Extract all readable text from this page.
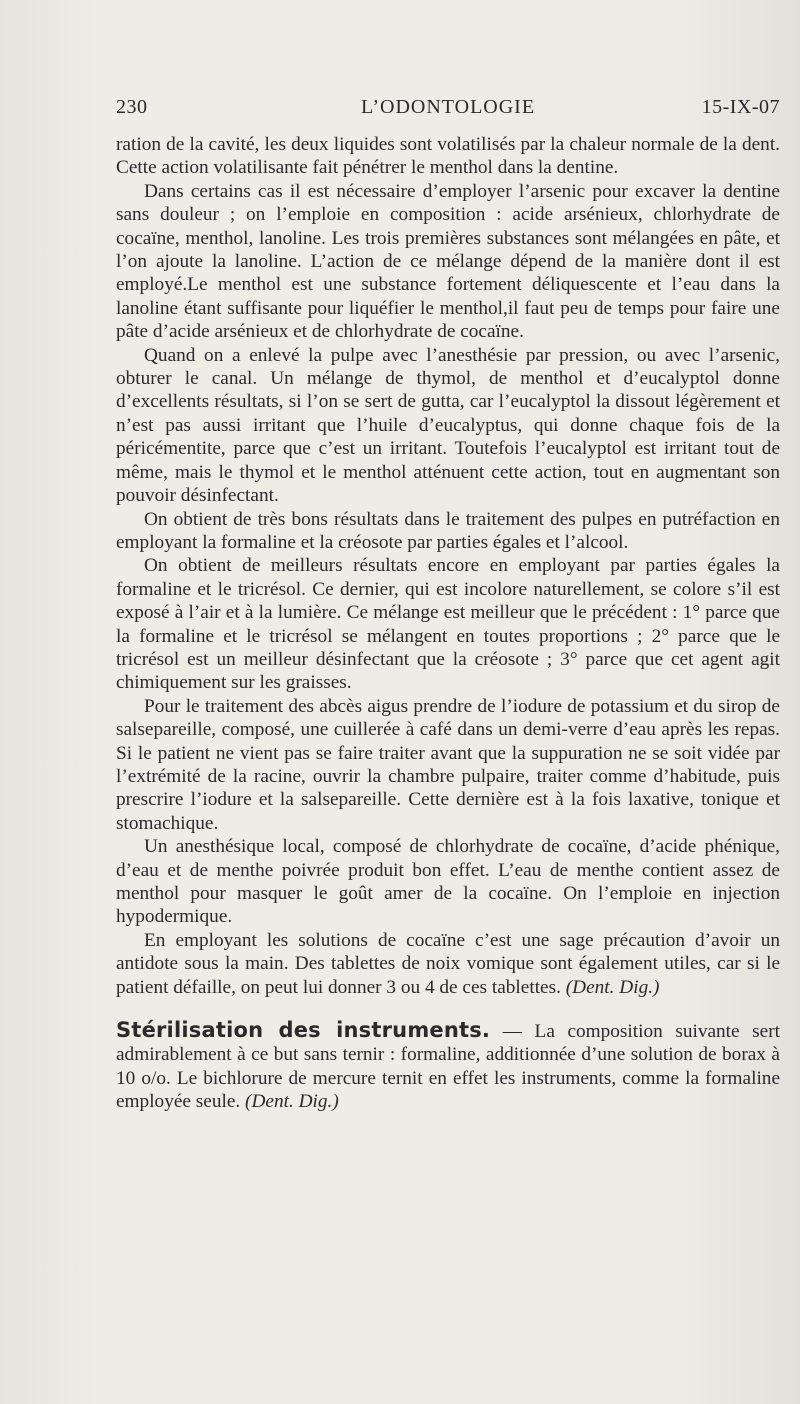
230	L’ODONTOLOGIE	15-IX-07

ration de la cavité, les deux liquides sont volatilisés par la chaleur normale de la dent. Cette action volatilisante fait pénétrer le menthol dans la dentine.

Dans certains cas il est nécessaire d’employer l’arsenic pour excaver la dentine sans douleur ; on l’emploie en composition : acide arsénieux, chlorhydrate de cocaïne, menthol, lanoline. Les trois premières substances sont mélangées en pâte, et l’on ajoute la lanoline. L’action de ce mélange dépend de la manière dont il est employé.Le menthol est une substance fortement déliquescente et l’eau dans la lanoline étant suffisante pour liquéfier le menthol,il faut peu de temps pour faire une pâte d’acide arsénieux et de chlorhydrate de cocaïne.

Quand on a enlevé la pulpe avec l’anesthésie par pression, ou avec l’arsenic, obturer le canal. Un mélange de thymol, de menthol et d’eucalyptol donne d’excellents résultats, si l’on se sert de gutta, car l’eucalyptol la dissout légèrement et n’est pas aussi irritant que l’huile d’eucalyptus, qui donne chaque fois de la péricémentite, parce que c’est un irritant. Toutefois l’eucalyptol est irritant tout de même, mais le thymol et le menthol atténuent cette action, tout en augmentant son pouvoir désinfectant.

On obtient de très bons résultats dans le traitement des pulpes en putréfaction en employant la formaline et la créosote par parties égales et l’alcool.

On obtient de meilleurs résultats encore en employant par parties égales la formaline et le tricrésol. Ce dernier, qui est incolore naturellement, se colore s’il est exposé à l’air et à la lumière. Ce mélange est meilleur que le précédent : 1° parce que la formaline et le tricrésol se mélangent en toutes proportions ; 2° parce que le tricrésol est un meilleur désinfectant que la créosote ; 3° parce que cet agent agit chimiquement sur les graisses.

Pour le traitement des abcès aigus prendre de l’iodure de potassium et du sirop de salsepareille, composé, une cuillerée à café dans un demi-verre d’eau après les repas. Si le patient ne vient pas se faire traiter avant que la suppuration ne se soit vidée par l’extrémité de la racine, ouvrir la chambre pulpaire, traiter comme d’habitude, puis prescrire l’iodure et la salsepareille. Cette dernière est à la fois laxative, tonique et stomachique.

Un anesthésique local, composé de chlorhydrate de cocaïne, d’acide phénique, d’eau et de menthe poivrée produit bon effet. L’eau de menthe contient assez de menthol pour masquer le goût amer de la cocaïne. On l’emploie en injection hypodermique.

En employant les solutions de cocaïne c’est une sage précaution d’avoir un antidote sous la main. Des tablettes de noix vomique sont également utiles, car si le patient défaille, on peut lui donner 3 ou 4 de ces tablettes. (Dent. Dig.)

Stérilisation des instruments. — La composition suivante sert admirablement à ce but sans ternir : formaline, additionnée d’une solution de borax à 10 o/o. Le bichlorure de mercure ternit en effet les instruments, comme la formaline employée seule. (Dent. Dig.)
